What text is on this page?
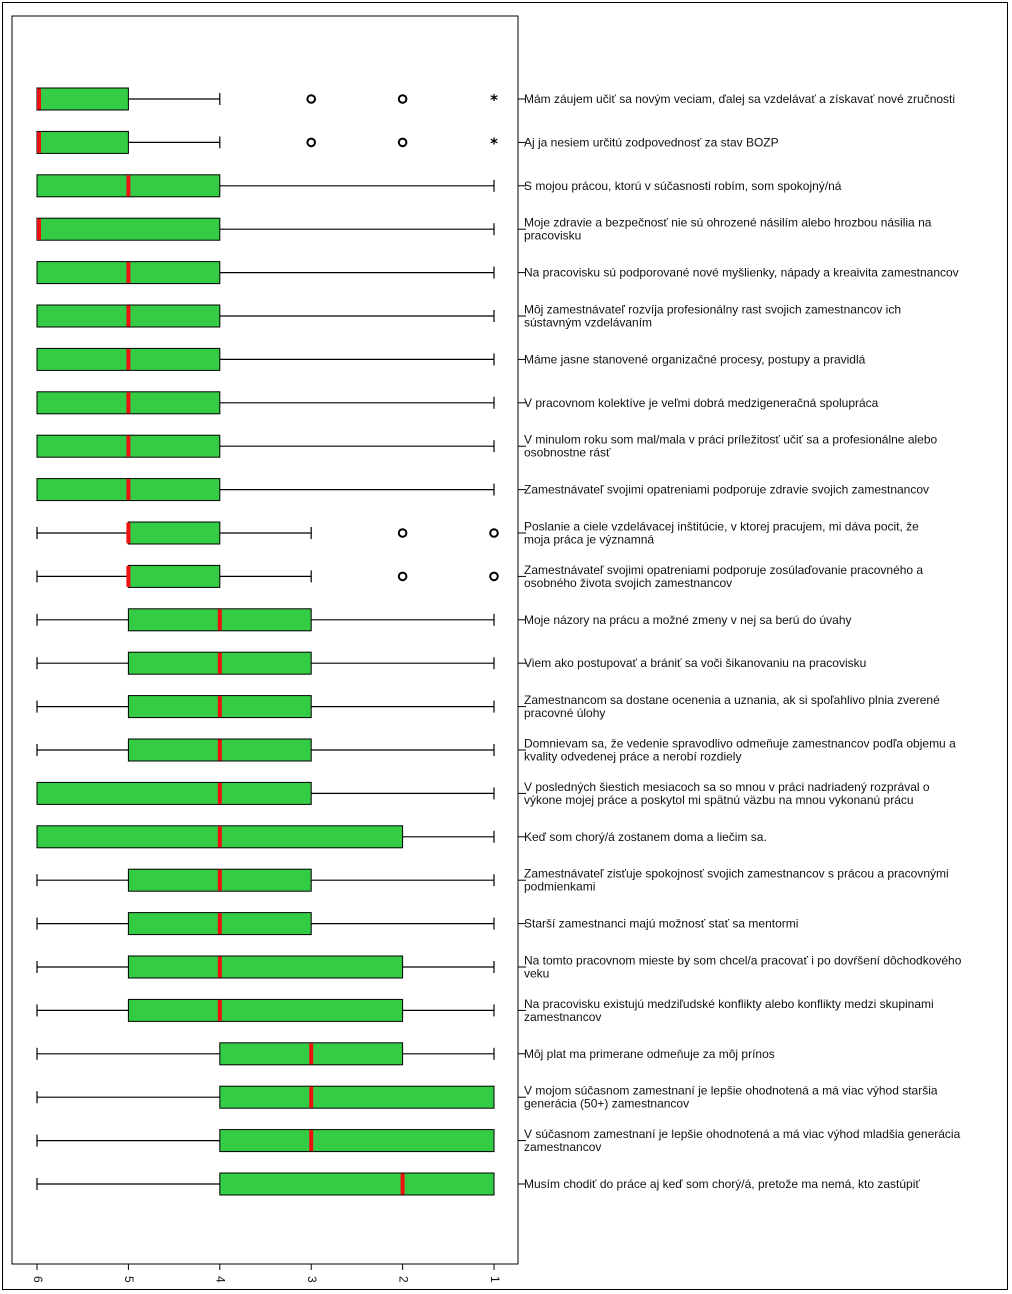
* Mám záujem učiť sa novým veciam, ďalej sa vzdelávať a získavať nové zručnosti
* Aj ja nesiem určitú zodpovednosť za stav BOZP
S mojou prácou, ktorú v súčasnosti robím, som spokojný/ná
Moje zdravie a bezpečnosť nie sú ohrozené násilím alebo hrozbou násilia na pracovisku
Na pracovisku sú podporované nové myšlienky, nápady a kreaivita zamestnancov
Môj zamestnávateľ rozvíja profesionálny rast svojich zamestnancov ich sústavným vzdelávaním
Máme jasne stanovené organizačné procesy, postupy a pravidlá
V pracovnom kolektíve je veľmi dobrá medzigeneračná spolupráca
V minulom roku som mal/mala v práci príležitosť učiť sa a profesionálne alebo osobnostne rásť
Zamestnávateľ svojimi opatreniami podporuje zdravie svojich zamestnancov
Poslanie a ciele vzdelávacej inštitúcie, v ktorej pracujem, mi dáva pocit, že moja práca je významná
Zamestnávateľ svojimi opatreniami podporuje zosúlaďovanie pracovného a osobného života svojich zamestnancov
Moje názory na prácu a možné zmeny v nej sa berú do úvahy
Viem ako postupovať a brániť sa voči šikanovaniu na pracovisku
Zamestnancom sa dostane ocenenia a uznania, ak si spoľahlivo plnia zverené pracovné úlohy
Domnievam sa, že vedenie spravodlivo odmeňuje zamestnancov podľa objemu a kvality odvedenej práce a nerobí rozdiely
V posledných šiestich mesiacoch sa so mnou v práci nadriadený rozprával o výkone mojej práce a poskytol mi spätnú väzbu na mnou vykonanú prácu
Keď som chorý/á zostanem doma a liečim sa.
Zamestnávateľ zisťuje spokojnosť svojich zamestnancov s prácou a pracovnými podmienkami
Starší zamestnanci majú možnosť stať sa mentormi
Na tomto pracovnom mieste by som chcel/a pracovať i po dovŕšení dôchodkového veku
Na pracovisku existujú medziľudské konflikty alebo konflikty medzi skupinami zamestnancov
Môj plat ma primerane odmeňuje za môj prínos
V mojom súčasnom zamestnaní je lepšie ohodnotená a má viac výhod staršia generácia (50+) zamestnancov
V súčasnom zamestnaní je lepšie ohodnotená a má viac výhod mladšia generácia zamestnancov
Musím chodiť do práce aj keď som chorý/á, pretože ma nemá, kto zastúpiť
6	5	4	3	2	1
